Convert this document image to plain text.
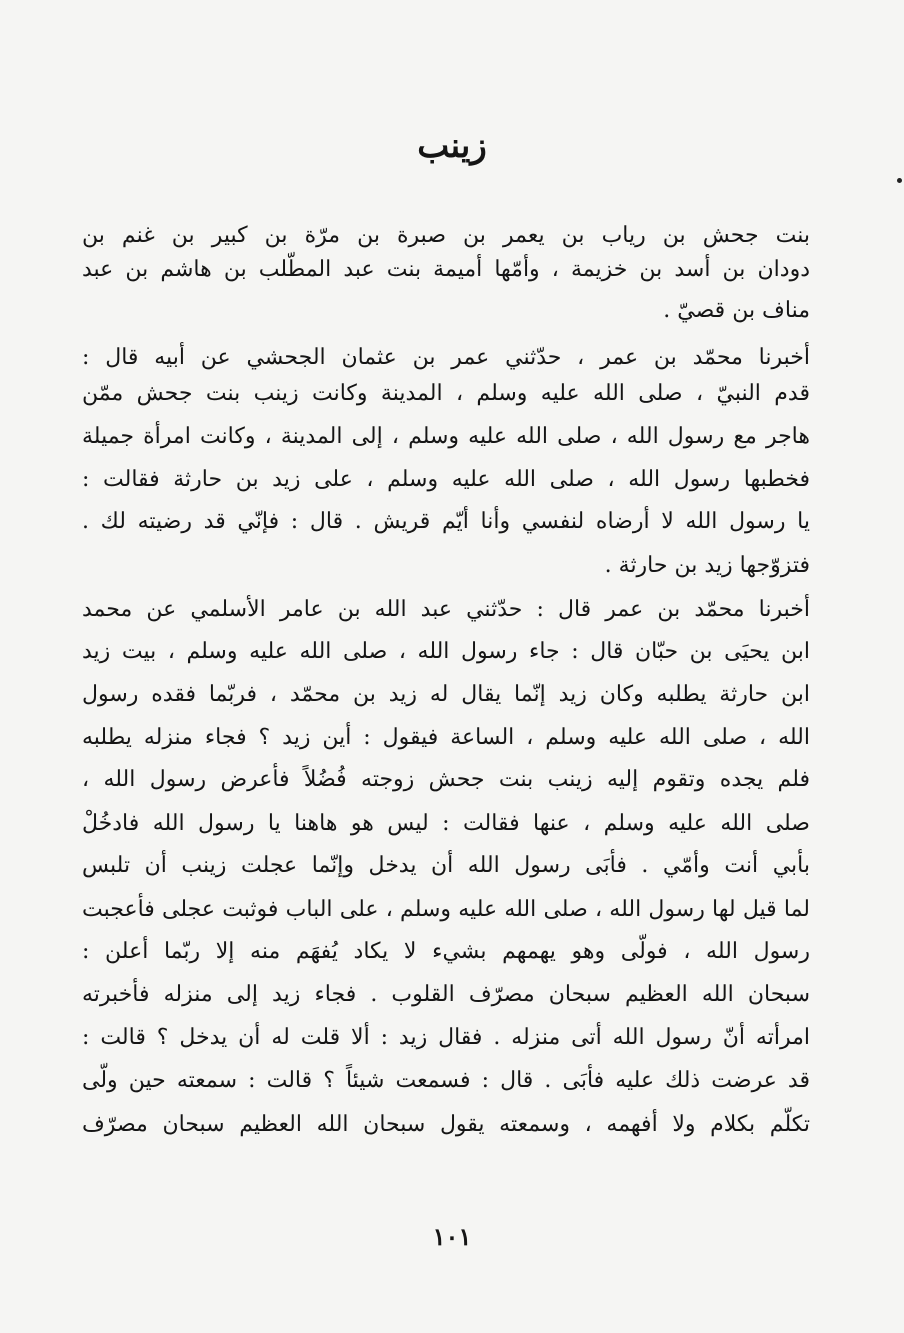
زينب
بنت جحش بن رياب بن يعمر بن صبرة بن مرّة بن كبير بن غنم بن
دودان بن أسد بن خزيمة ، وأمّها أميمة بنت عبد المطّلب بن هاشم بن عبد
مناف بن قصيّ .
أخبرنا محمّد بن عمر ، حدّثني عمر بن عثمان الجحشي عن أبيه قال :
قدم النبيّ ، صلى الله عليه وسلم ، المدينة وكانت زينب بنت جحش ممّن
هاجر مع رسول الله ، صلى الله عليه وسلم ، إلى المدينة ، وكانت امرأة جميلة
فخطبها رسول الله ، صلى الله عليه وسلم ، على زيد بن حارثة فقالت :
يا رسول الله لا أرضاه لنفسي وأنا أيّم قريش . قال : فإنّي قد رضيته لك .
فتزوّجها زيد بن حارثة .
أخبرنا محمّد بن عمر قال : حدّثني عبد الله بن عامر الأسلمي عن محمد
ابن يحيَى بن حبّان قال : جاء رسول الله ، صلى الله عليه وسلم ، بيت زيد
ابن حارثة يطلبه وكان زيد إنّما يقال له زيد بن محمّد ، فربّما فقده رسول
الله ، صلى الله عليه وسلم ، الساعة فيقول : أين زيد ؟ فجاء منزله يطلبه
فلم يجده وتقوم إليه زينب بنت جحش زوجته فُضُلاً فأعرض رسول الله ،
صلى الله عليه وسلم ، عنها فقالت : ليس هو هاهنا يا رسول الله فادخُلْ
بأبي أنت وأمّي . فأبَى رسول الله أن يدخل وإنّما عجلت زينب أن تلبس
لما قيل لها رسول الله ، صلى الله عليه وسلم ، على الباب فوثبت عجلى فأعجبت
رسول الله ، فولّى وهو يهمهم بشيء لا يكاد يُفهَم منه إلا ربّما أعلن :
سبحان الله العظيم سبحان مصرّف القلوب . فجاء زيد إلى منزله فأخبرته
امرأته أنّ رسول الله أتى منزله . فقال زيد : ألا قلت له أن يدخل ؟ قالت :
قد عرضت ذلك عليه فأبَى . قال : فسمعت شيئاً ؟ قالت : سمعته حين ولّى
تكلّم بكلام ولا أفهمه ، وسمعته يقول سبحان الله العظيم سبحان مصرّف
١٠١
